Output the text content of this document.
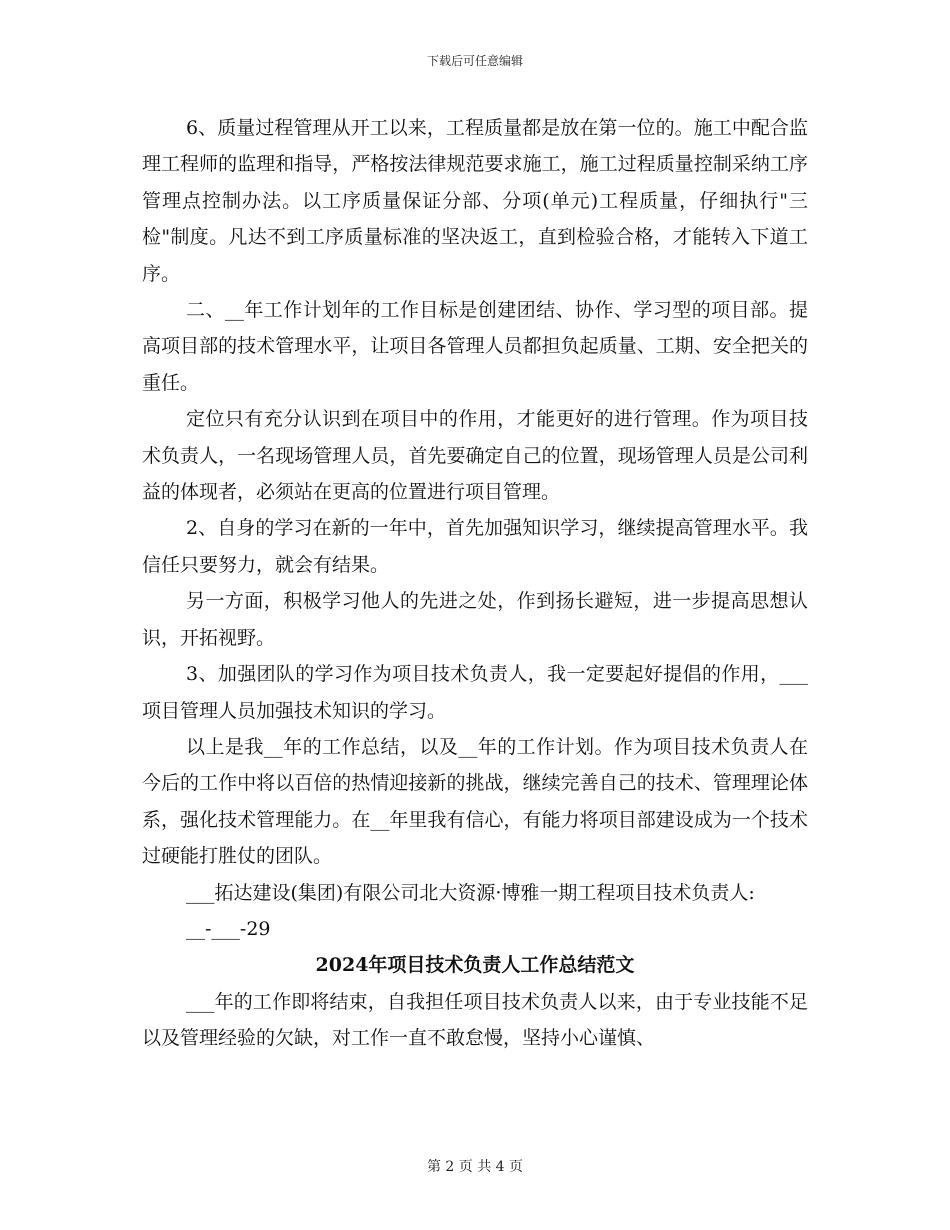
下载后可任意编辑

6、质量过程管理从开工以来，工程质量都是放在第一位的。施工中配合监理工程师的监理和指导，严格按法律规范要求施工，施工过程质量控制采纳工序管理点控制办法。以工序质量保证分部、分项(单元)工程质量，仔细执行"三检"制度。凡达不到工序质量标准的坚决返工，直到检验合格，才能转入下道工序。

二、__年工作计划年的工作目标是创建团结、协作、学习型的项目部。提高项目部的技术管理水平，让项目各管理人员都担负起质量、工期、安全把关的重任。

定位只有充分认识到在项目中的作用，才能更好的进行管理。作为项目技术负责人，一名现场管理人员，首先要确定自己的位置，现场管理人员是公司利益的体现者，必须站在更高的位置进行项目管理。

2、自身的学习在新的一年中，首先加强知识学习，继续提高管理水平。我信任只要努力，就会有结果。

另一方面，积极学习他人的先进之处，作到扬长避短，进一步提高思想认识，开拓视野。

3、加强团队的学习作为项目技术负责人，我一定要起好提倡的作用，___项目管理人员加强技术知识的学习。

以上是我__年的工作总结，以及__年的工作计划。作为项目技术负责人在今后的工作中将以百倍的热情迎接新的挑战，继续完善自己的技术、管理理论体系，强化技术管理能力。在__年里我有信心，有能力将项目部建设成为一个技术过硬能打胜仗的团队。

___拓达建设(集团)有限公司北大资源·博雅一期工程项目技术负责人:

__-___-29

2024年项目技术负责人工作总结范文

___年的工作即将结束，自我担任项目技术负责人以来，由于专业技能不足以及管理经验的欠缺，对工作一直不敢怠慢，坚持小心谨慎、

第 2 页 共 4 页
